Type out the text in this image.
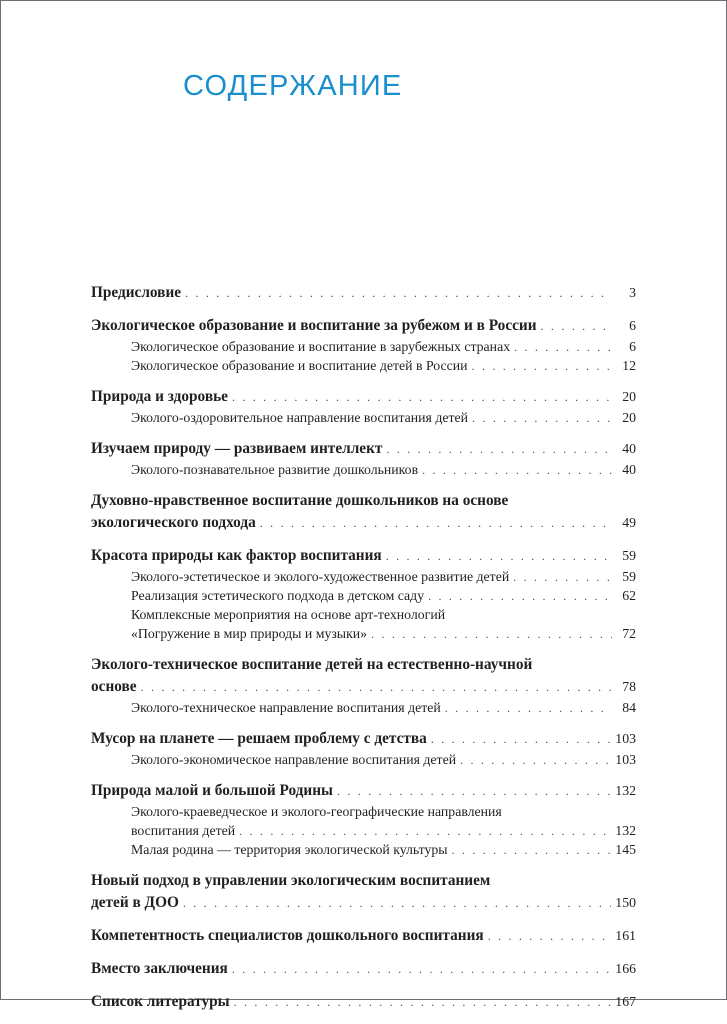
СОДЕРЖАНИЕ
Предисловие . . .	3
Экологическое образование и воспитание за рубежом и в России . . .	6
Экологическое образование и воспитание в зарубежных странах . . .	6
Экологическое образование и воспитание детей в России . . .	12
Природа и здоровье . . .	20
Эколого-оздоровительное направление воспитания детей . . .	20
Изучаем природу — развиваем интеллект . . .	40
Эколого-познавательное развитие дошкольников . . .	40
Духовно-нравственное воспитание дошкольников на основе
экологического подхода . . .	49
Красота природы как фактор воспитания . . .	59
Эколого-эстетическое и эколого-художественное развитие детей . . .	59
Реализация эстетического подхода в детском саду . . .	62
Комплексные мероприятия на основе арт-технологий
«Погружение в мир природы и музыки» . . .	72
Эколого-техническое воспитание детей на естественно-научной
основе . . .	78
Эколого-техническое направление воспитания детей . . .	84
Мусор на планете — решаем проблему с детства . . .	103
Эколого-экономическое направление воспитания детей . . .	103
Природа малой и большой Родины . . .	132
Эколого-краеведческое и эколого-географические направления
воспитания детей . . .	132
Малая родина — территория экологической культуры . . .	145
Новый подход в управлении экологическим воспитанием
детей в ДОО . . .	150
Компетентность специалистов дошкольного воспитания . . .	161
Вместо заключения . . .	166
Список литературы . . .	167
